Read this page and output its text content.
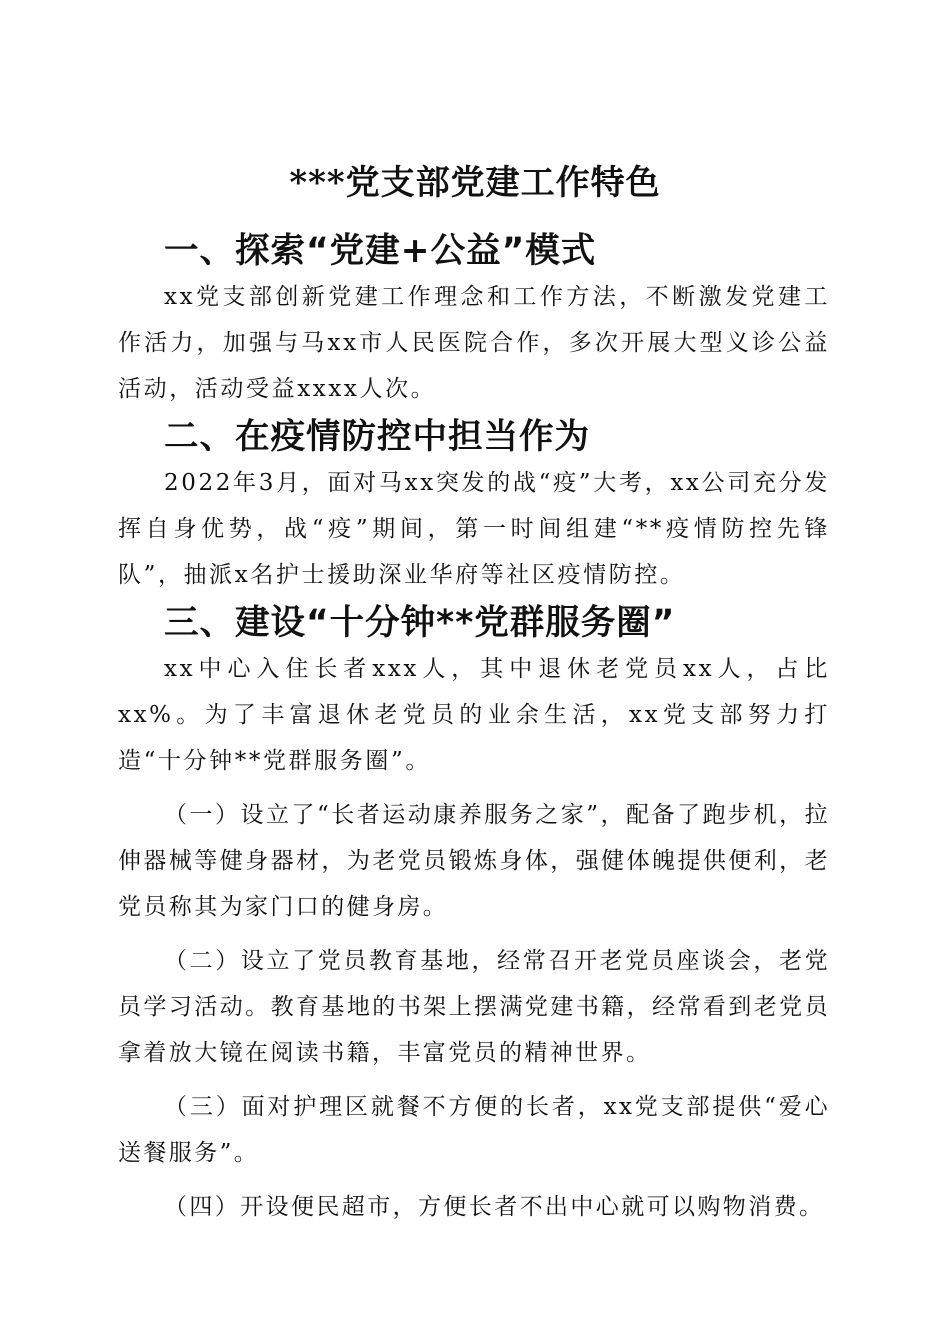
***党支部党建工作特色
一、探索“党建+公益”模式

xx党支部创新党建工作理念和工作方法，不断激发党建工作活力，加强与马xx市人民医院合作，多次开展大型义诊公益活动，活动受益xxxx人次。

二、在疫情防控中担当作为

2022年3月，面对马xx突发的战“疫”大考，xx公司充分发挥自身优势，战“疫”期间，第一时间组建“**疫情防控先锋队”，抽派x名护士援助深业华府等社区疫情防控。

三、建设“十分钟**党群服务圈”

xx中心入住长者xxx人，其中退休老党员xx人，占比xx%。为了丰富退休老党员的业余生活，xx党支部努力打造“十分钟**党群服务圈”。

（一）设立了“长者运动康养服务之家”，配备了跑步机，拉伸器械等健身器材，为老党员锻炼身体，强健体魄提供便利，老党员称其为家门口的健身房。

（二）设立了党员教育基地，经常召开老党员座谈会，老党员学习活动。教育基地的书架上摆满党建书籍，经常看到老党员拿着放大镜在阅读书籍，丰富党员的精神世界。

（三）面对护理区就餐不方便的长者，xx党支部提供“爱心送餐服务”。

（四）开设便民超市，方便长者不出中心就可以购物消费。
